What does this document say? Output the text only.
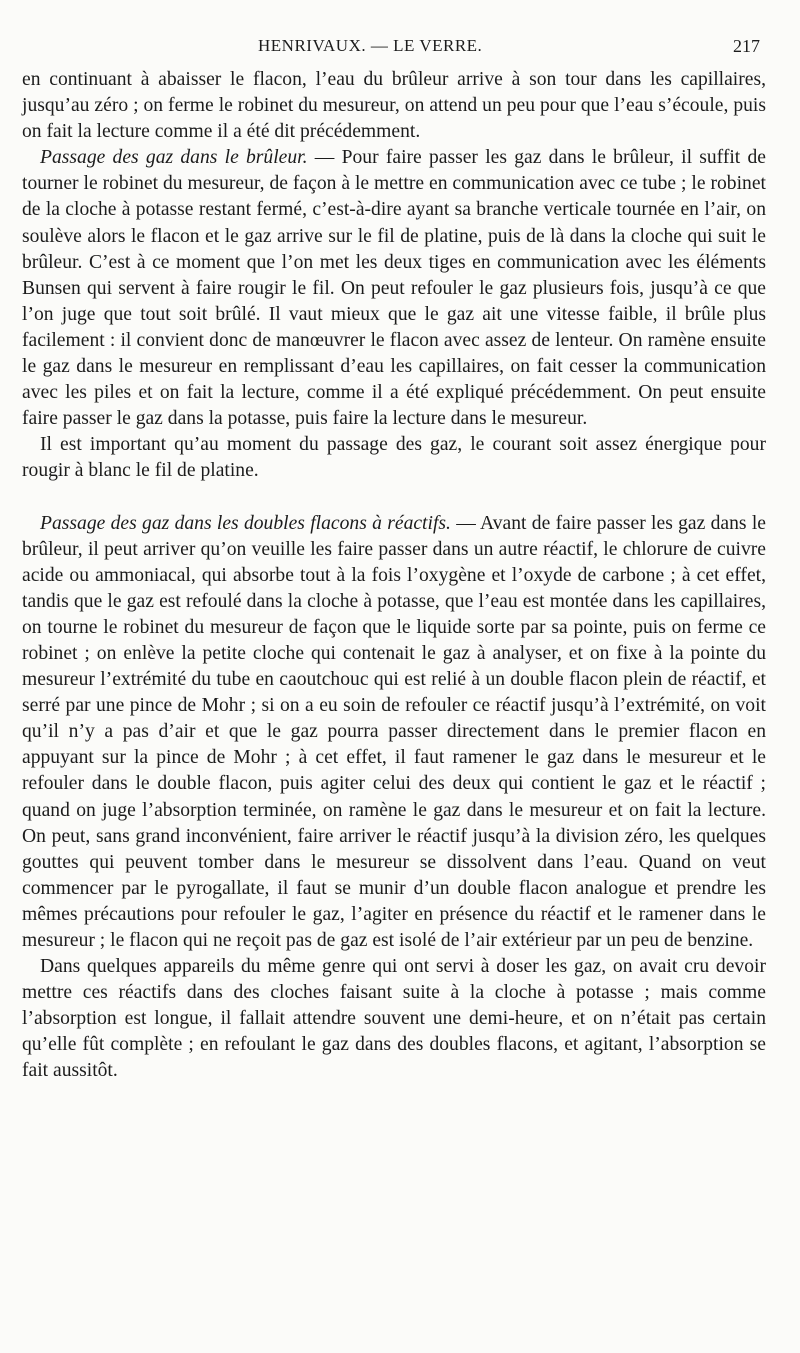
HENRIVAUX. — LE VERRE.	217

en continuant à abaisser le flacon, l’eau du brûleur arrive à son tour dans les capillaires, jusqu’au zéro ; on ferme le robinet du mesureur, on attend un peu pour que l’eau s’écoule, puis on fait la lecture comme il a été dit précédemment.

Passage des gaz dans le brûleur. — Pour faire passer les gaz dans le brûleur, il suffit de tourner le robinet du mesureur, de façon à le mettre en communication avec ce tube ; le robinet de la cloche à potasse restant fermé, c’est-à-dire ayant sa branche verticale tournée en l’air, on soulève alors le flacon et le gaz arrive sur le fil de platine, puis de là dans la cloche qui suit le brûleur. C’est à ce moment que l’on met les deux tiges en communication avec les éléments Bunsen qui servent à faire rougir le fil. On peut refouler le gaz plusieurs fois, jusqu’à ce que l’on juge que tout soit brûlé. Il vaut mieux que le gaz ait une vitesse faible, il brûle plus facilement : il convient donc de manœuvrer le flacon avec assez de lenteur. On ramène ensuite le gaz dans le mesureur en remplissant d’eau les capillaires, on fait cesser la communication avec les piles et on fait la lecture, comme il a été expliqué précédemment. On peut ensuite faire passer le gaz dans la potasse, puis faire la lecture dans le mesureur.

Il est important qu’au moment du passage des gaz, le courant soit assez énergique pour rougir à blanc le fil de platine.

Passage des gaz dans les doubles flacons à réactifs. — Avant de faire passer les gaz dans le brûleur, il peut arriver qu’on veuille les faire passer dans un autre réactif, le chlorure de cuivre acide ou ammoniacal, qui absorbe tout à la fois l’oxygène et l’oxyde de carbone ; à cet effet, tandis que le gaz est refoulé dans la cloche à potasse, que l’eau est montée dans les capillaires, on tourne le robinet du mesureur de façon que le liquide sorte par sa pointe, puis on ferme ce robinet ; on enlève la petite cloche qui contenait le gaz à analyser, et on fixe à la pointe du mesureur l’extrémité du tube en caoutchouc qui est relié à un double flacon plein de réactif, et serré par une pince de Mohr ; si on a eu soin de refouler ce réactif jusqu’à l’extrémité, on voit qu’il n’y a pas d’air et que le gaz pourra passer directement dans le premier flacon en appuyant sur la pince de Mohr ; à cet effet, il faut ramener le gaz dans le mesureur et le refouler dans le double flacon, puis agiter celui des deux qui contient le gaz et le réactif ; quand on juge l’absorption terminée, on ramène le gaz dans le mesureur et on fait la lecture. On peut, sans grand inconvénient, faire arriver le réactif jusqu’à la division zéro, les quelques gouttes qui peuvent tomber dans le mesureur se dissolvent dans l’eau. Quand on veut commencer par le pyrogallate, il faut se munir d’un double flacon analogue et prendre les mêmes précautions pour refouler le gaz, l’agiter en présence du réactif et le ramener dans le mesureur ; le flacon qui ne reçoit pas de gaz est isolé de l’air extérieur par un peu de benzine.

Dans quelques appareils du même genre qui ont servi à doser les gaz, on avait cru devoir mettre ces réactifs dans des cloches faisant suite à la cloche à potasse ; mais comme l’absorption est longue, il fallait attendre souvent une demi-heure, et on n’était pas certain qu’elle fût complète ; en refoulant le gaz dans des doubles flacons, et agitant, l’absorption se fait aussitôt.
